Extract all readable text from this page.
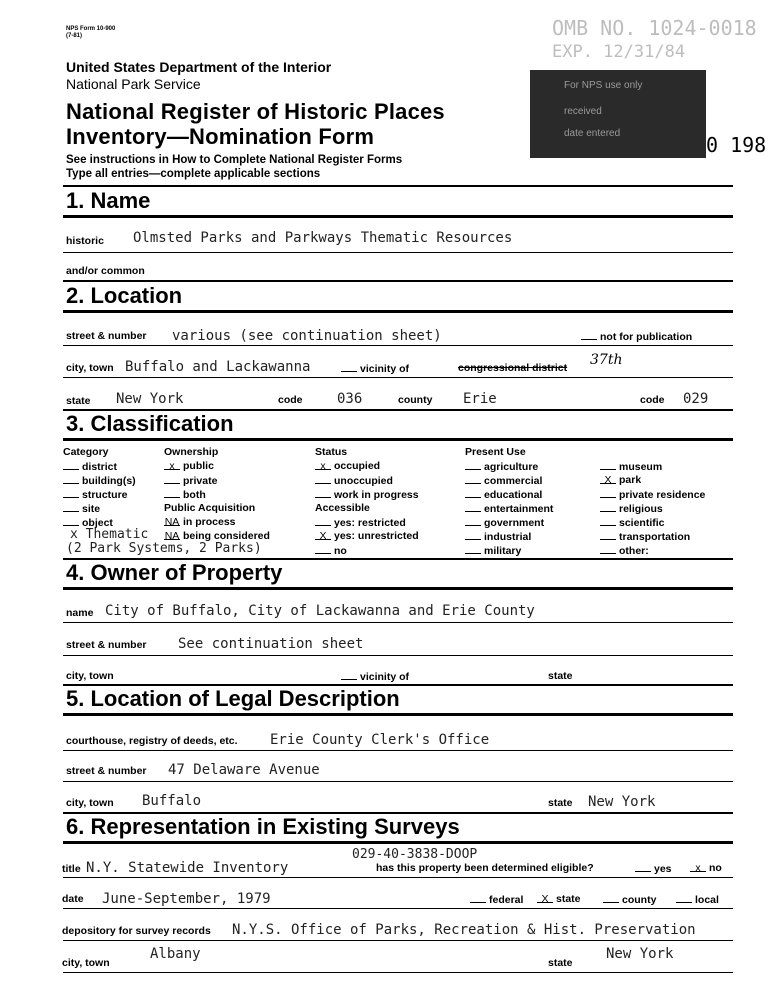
NPS Form 10-900
(7-81)
United States Department of the Interior
National Park Service
National Register of Historic Places
Inventory—Nomination Form
See instructions in How to Complete National Register Forms
Type all entries—complete applicable sections
OMB NO. 1024-0018
EXP. 12/31/84
For NPS use only
received
date entered	0 198
1. Name
historic Olmsted Parks and Parkways Thematic Resources
and/or common
2. Location
street & number various (see continuation sheet)	not for publication
city, town Buffalo and Lackawanna	vicinity of	congressional district 37th
state New York	code 036	county Erie	code 029
3. Classification
Category
district
building(s)
structure
site
object
x Thematic
(2 Park Systems, 2 Parks)
Ownership
x public
private
both
Public Acquisition
NA in process
NA being considered
Status
x occupied
unoccupied
work in progress
Accessible
yes: restricted
X yes: unrestricted
no
Present Use
agriculture
commercial
educational
entertainment
government
industrial
military
museum
X park
private residence
religious
scientific
transportation
other:
4. Owner of Property
name City of Buffalo, City of Lackawanna and Erie County
street & number See continuation sheet
city, town	vicinity of	state
5. Location of Legal Description
courthouse, registry of deeds, etc. Erie County Clerk's Office
street & number 47 Delaware Avenue
city, town Buffalo	state New York
6. Representation in Existing Surveys
029-40-3838-DOOP
title N.Y. Statewide Inventory	has this property been determined eligible?	yes	x no
date June-September, 1979	federal	X state	county	local
depository for survey records N.Y.S. Office of Parks, Recreation & Hist. Preservation
Albany	New York
city, town	state
